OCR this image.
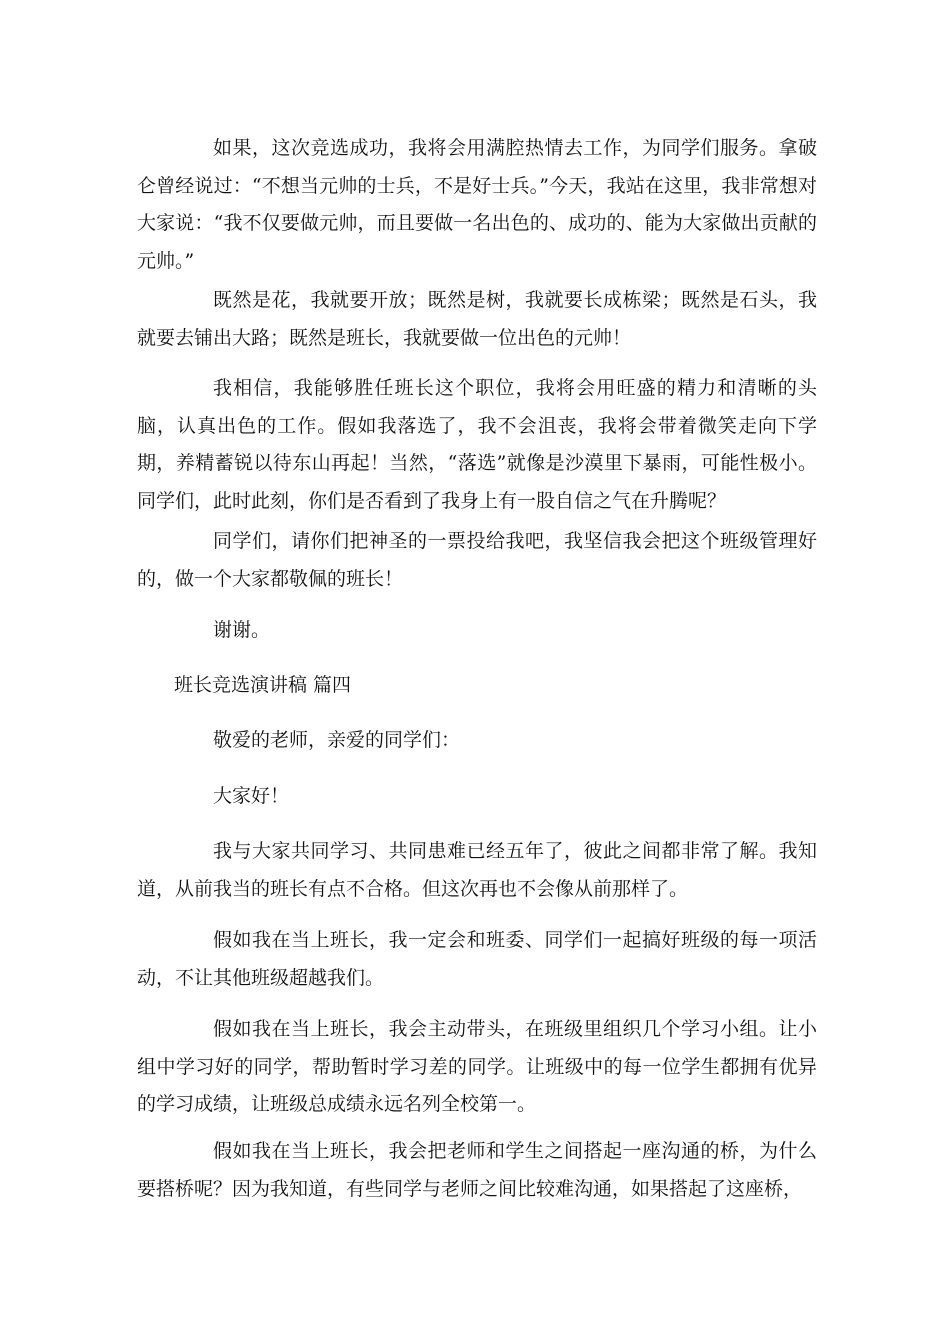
如果，这次竞选成功，我将会用满腔热情去工作，为同学们服务。拿破仑曾经说过：“不想当元帅的士兵，不是好士兵。”今天，我站在这里，我非常想对大家说：“我不仅要做元帅，而且要做一名出色的、成功的、能为大家做出贡献的元帅。”

既然是花，我就要开放；既然是树，我就要长成栋梁；既然是石头，我就要去铺出大路；既然是班长，我就要做一位出色的元帅！

我相信，我能够胜任班长这个职位，我将会用旺盛的精力和清晰的头脑，认真出色的工作。假如我落选了，我不会沮丧，我将会带着微笑走向下学期，养精蓄锐以待东山再起！当然，“落选”就像是沙漠里下暴雨，可能性极小。同学们，此时此刻，你们是否看到了我身上有一股自信之气在升腾呢？

同学们，请你们把神圣的一票投给我吧，我坚信我会把这个班级管理好的，做一个大家都敬佩的班长！

谢谢。

班长竞选演讲稿 篇四

敬爱的老师，亲爱的同学们：

大家好！

我与大家共同学习、共同患难已经五年了，彼此之间都非常了解。我知道，从前我当的班长有点不合格。但这次再也不会像从前那样了。

假如我在当上班长，我一定会和班委、同学们一起搞好班级的每一项活动，不让其他班级超越我们。

假如我在当上班长，我会主动带头，在班级里组织几个学习小组。让小组中学习好的同学，帮助暂时学习差的同学。让班级中的每一位学生都拥有优异的学习成绩，让班级总成绩永远名列全校第一。

假如我在当上班长，我会把老师和学生之间搭起一座沟通的桥，为什么要搭桥呢？因为我知道，有些同学与老师之间比较难沟通，如果搭起了这座桥，
